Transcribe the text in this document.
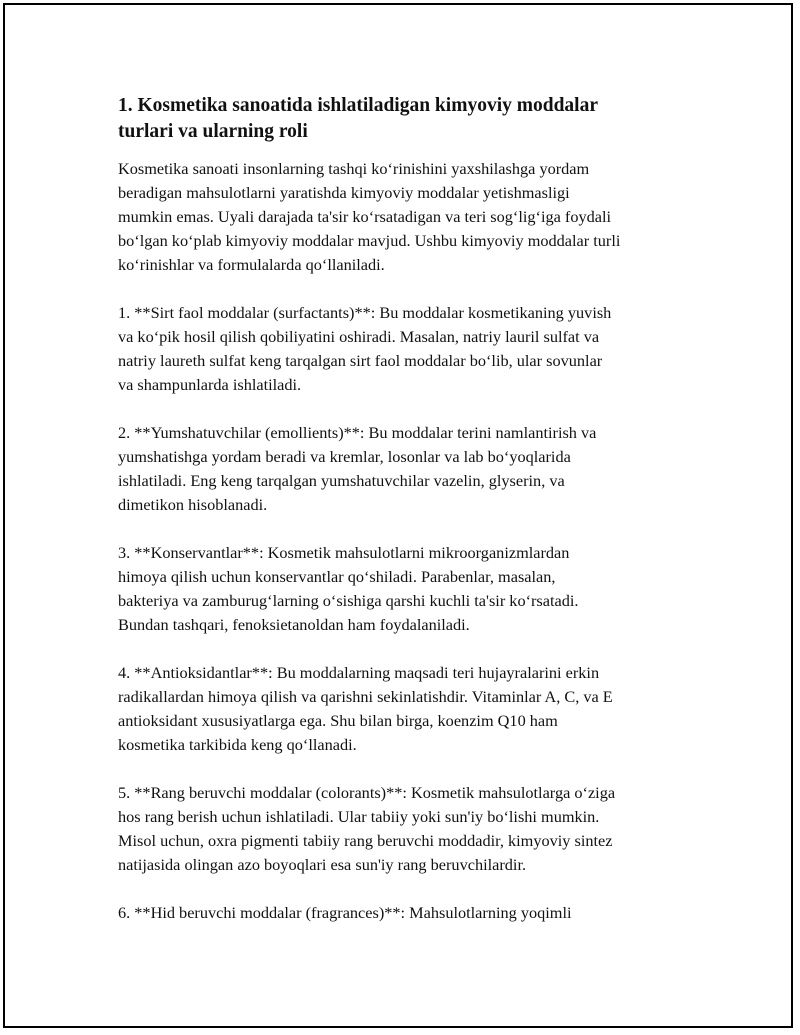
1. Kosmetika sanoatida ishlatiladigan kimyoviy moddalar
turlari va ularning roli

Kosmetika sanoati insonlarning tashqi koʻrinishini yaxshilashga yordam
beradigan mahsulotlarni yaratishda kimyoviy moddalar yetishmasligi
mumkin emas. Uyali darajada ta'sir koʻrsatadigan va teri sogʻligʻiga foydali
boʻlgan koʻplab kimyoviy moddalar mavjud. Ushbu kimyoviy moddalar turli
koʻrinishlar va formulalarda qoʻllaniladi.

1. **Sirt faol moddalar (surfactants)**: Bu moddalar kosmetikaning yuvish
va koʻpik hosil qilish qobiliyatini oshiradi. Masalan, natriy lauril sulfat va
natriy laureth sulfat keng tarqalgan sirt faol moddalar boʻlib, ular sovunlar
va shampunlarda ishlatiladi.

2. **Yumshatuvchilar (emollients)**: Bu moddalar terini namlantirish va
yumshatishga yordam beradi va kremlar, losonlar va lab boʻyoqlarida
ishlatiladi. Eng keng tarqalgan yumshatuvchilar vazelin, glyserin, va
dimetikon hisoblanadi.

3. **Konservantlar**: Kosmetik mahsulotlarni mikroorganizmlardan
himoya qilish uchun konservantlar qoʻshiladi. Parabenlar, masalan,
bakteriya va zamburugʻlarning oʻsishiga qarshi kuchli ta'sir koʻrsatadi.
Bundan tashqari, fenoksietanoldan ham foydalaniladi.

4. **Antioksidantlar**: Bu moddalarning maqsadi teri hujayralarini erkin
radikallardan himoya qilish va qarishni sekinlatishdir. Vitaminlar A, C, va E
antioksidant xususiyatlarga ega. Shu bilan birga, koenzim Q10 ham
kosmetika tarkibida keng qoʻllanadi.

5. **Rang beruvchi moddalar (colorants)**: Kosmetik mahsulotlarga oʻziga
hos rang berish uchun ishlatiladi. Ular tabiiy yoki sun'iy boʻlishi mumkin.
Misol uchun, oxra pigmenti tabiiy rang beruvchi moddadir, kimyoviy sintez
natijasida olingan azo boyoqlari esa sun'iy rang beruvchilardir.

6. **Hid beruvchi moddalar (fragrances)**: Mahsulotlarning yoqimli
